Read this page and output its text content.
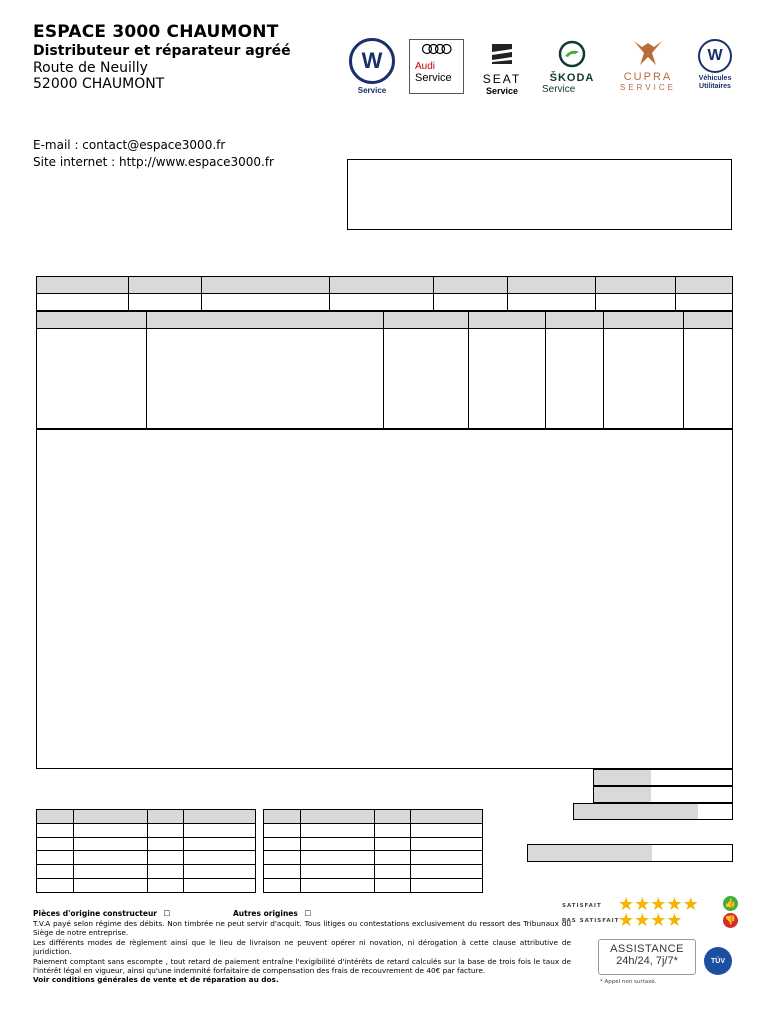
ESPACE 3000 CHAUMONT
Distributeur et réparateur agréé
Route de Neuilly
52000 CHAUMONT
E-mail : contact@espace3000.fr
Site internet : http://www.espace3000.fr
W
Service
Audi
Service	SEAT
Service
ŠKODA
Service
CUPRA
SERVICE
W
Véhicules Utilitaires

Pièces d'origine constructeur ☐	Autres origines ☐
T.V.A payé selon régime des débits. Non timbrée ne peut servir d'acquit. Tous litiges ou contestations exclusivement du ressort des Tribunaux du Siège de notre entreprise.
Les différents modes de règlement ainsi que le lieu de livraison ne peuvent opérer ni novation, ni dérogation à cette clause attributive de juridiction.
Paiement comptant sans escompte , tout retard de paiement entraîne l'exigibilité d'intérêts de retard calculés sur la base de trois fois le taux de l'intérêt légal en vigueur, ainsi qu'une indemnité forfaitaire de compensation des frais de recouvrement de 40€ par facture.
Voir conditions générales de vente et de réparation au dos.
SATISFAIT
PAS SATISFAIT
★★★★★
★★★★
👍
👎
ASSISTANCE
24h/24, 7j/7*
* Appel non surtaxé.
TÜV
